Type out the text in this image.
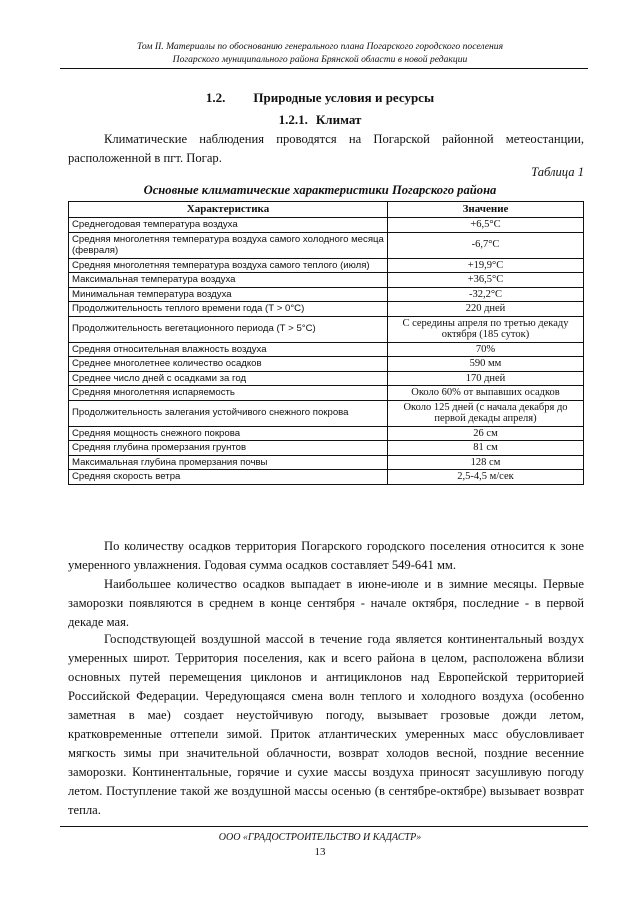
Том II. Материалы по обоснованию генерального плана Погарского городского поселения
Погарского муниципального района Брянской области в новой редакции
1.2. Природные условия и ресурсы
1.2.1. Климат

Климатические наблюдения проводятся на Погарской районной метеостанции, расположенной в пгт. Погар.

Таблица 1
Основные климатические характеристики Погарского района
Характеристика	Значение
Среднегодовая температура воздуха	+6,5°С
Средняя многолетняя температура воздуха самого холодного месяца (февраля)	-6,7°С
Средняя многолетняя температура воздуха самого теплого (июля)	+19,9°С
Максимальная температура воздуха	+36,5°С
Минимальная температура воздуха	-32,2°С
Продолжительность теплого времени года (Т > 0°С)	220 дней
Продолжительность вегетационного периода (Т > 5°С)	С середины апреля по третью декаду октября (185 суток)
Средняя относительная влажность воздуха	70%
Среднее многолетнее количество осадков	590 мм
Среднее число дней с осадками за год	170 дней
Средняя многолетняя испаряемость	Около 60% от выпавших осадков
Продолжительность залегания устойчивого снежного покрова	Около 125 дней (с начала декабря до первой декады апреля)
Средняя мощность снежного покрова	26 см
Средняя глубина промерзания грунтов	81 см
Максимальная глубина промерзания почвы	128 см
Средняя скорость ветра	2,5-4,5 м/сек

По количеству осадков территория Погарского городского поселения относится к зоне умеренного увлажнения. Годовая сумма осадков составляет 549-641 мм.

Наибольшее количество осадков выпадает в июне-июле и в зимние месяцы. Первые заморозки появляются в среднем в конце сентября - начале октября, последние - в первой декаде мая.

Господствующей воздушной массой в течение года является континентальный воздух умеренных широт. Территория поселения, как и всего района в целом, расположена вблизи основных путей перемещения циклонов и антициклонов над Европейской территорией Российской Федерации. Чередующаяся смена волн теплого и холодного воздуха (особенно заметная в мае) создает неустойчивую погоду, вызывает грозовые дожди летом, кратковременные оттепели зимой. Приток атлантических умеренных масс обусловливает мягкость зимы при значительной облачности, возврат холодов весной, поздние весенние заморозки. Континентальные, горячие и сухие массы воздуха приносят засушливую погоду летом. Поступление такой же воздушной массы осенью (в сентябре-октябре) вызывает возврат тепла.

ООО «ГРАДОСТРОИТЕЛЬСТВО И КАДАСТР»
13
